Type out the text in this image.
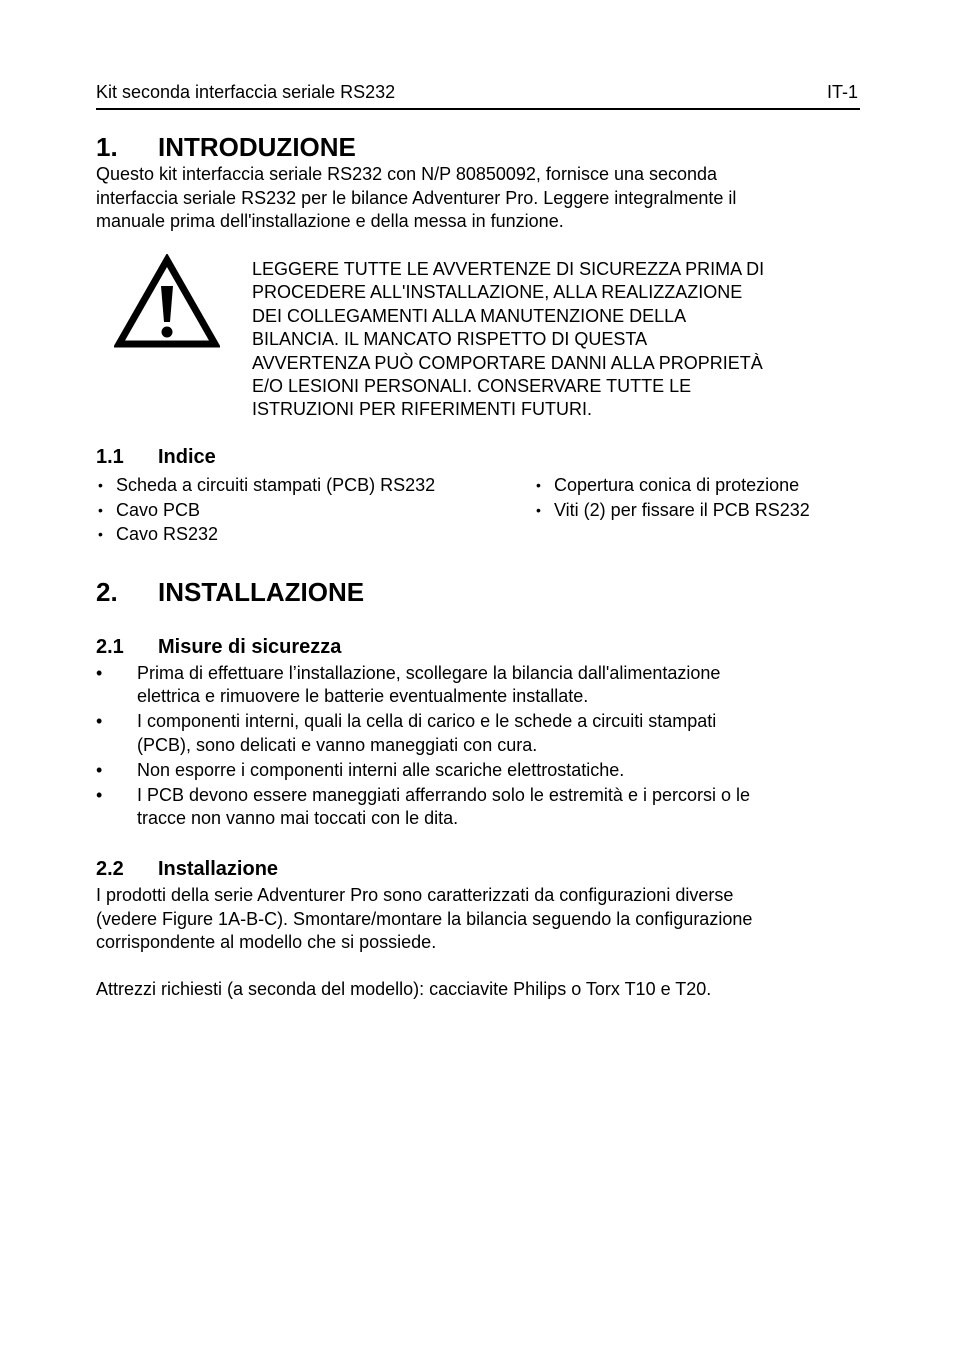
Kit seconda interfaccia seriale RS232	IT-1
1. INTRODUZIONE
Questo kit interfaccia seriale RS232 con N/P 80850092, fornisce una seconda
interfaccia seriale RS232 per le bilance Adventurer Pro. Leggere integralmente il
manuale prima dell'installazione e della messa in funzione.
LEGGERE TUTTE LE AVVERTENZE DI SICUREZZA PRIMA DI
PROCEDERE ALL'INSTALLAZIONE, ALLA REALIZZAZIONE
DEI COLLEGAMENTI ALLA MANUTENZIONE DELLA
BILANCIA. IL MANCATO RISPETTO DI QUESTA
AVVERTENZA PUÒ COMPORTARE DANNI ALLA PROPRIETÀ
E/O LESIONI PERSONALI. CONSERVARE TUTTE LE
ISTRUZIONI PER RIFERIMENTI FUTURI.
1.1 Indice
• Scheda a circuiti stampati (PCB) RS232
• Cavo PCB
• Cavo RS232
• Copertura conica di protezione
• Viti (2) per fissare il PCB RS232
2. INSTALLAZIONE
2.1 Misure di sicurezza
• Prima di effettuare l’installazione, scollegare la bilancia dall'alimentazione
elettrica e rimuovere le batterie eventualmente installate.
• I componenti interni, quali la cella di carico e le schede a circuiti stampati
(PCB), sono delicati e vanno maneggiati con cura.
• Non esporre i componenti interni alle scariche elettrostatiche.
• I PCB devono essere maneggiati afferrando solo le estremità e i percorsi o le
tracce non vanno mai toccati con le dita.
2.2 Installazione
I prodotti della serie Adventurer Pro sono caratterizzati da configurazioni diverse
(vedere Figure 1A-B-C). Smontare/montare la bilancia seguendo la configurazione
corrispondente al modello che si possiede.
Attrezzi richiesti (a seconda del modello): cacciavite Philips o Torx T10 e T20.
